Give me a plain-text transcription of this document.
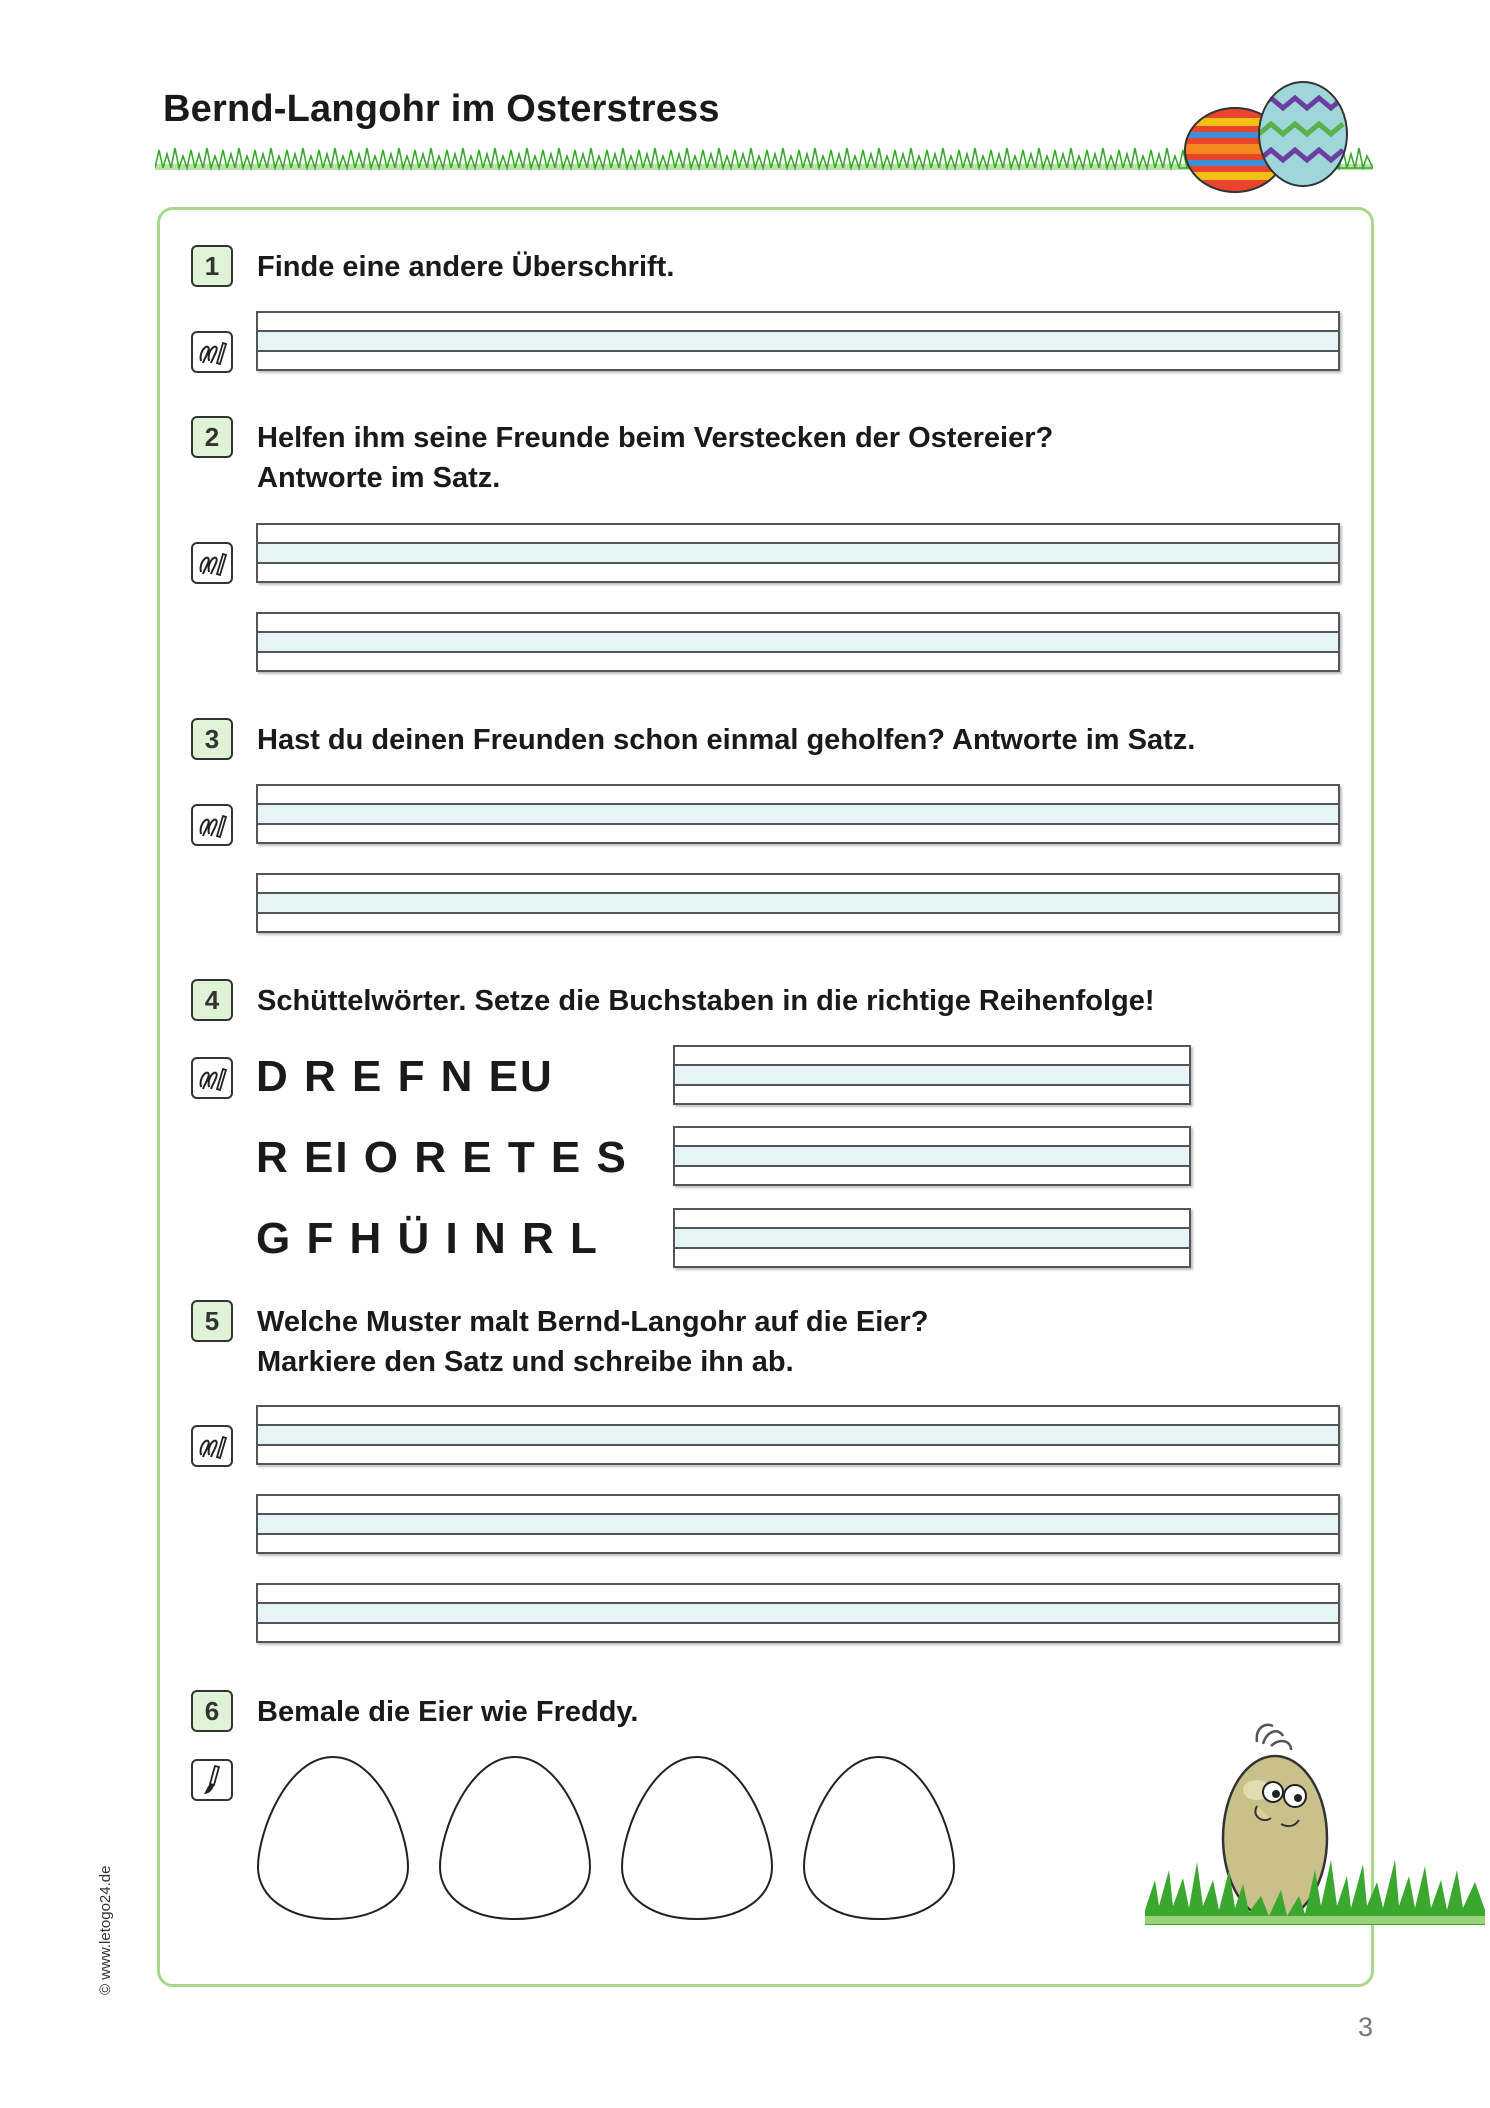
Bernd-Langohr im Osterstress
1	Finde eine andere Überschrift.
2	Helfen ihm seine Freunde beim Verstecken der Ostereier?
Antworte im Satz.
3	Hast du deinen Freunden schon einmal geholfen? Antworte im Satz.
4	Schüttelwörter. Setze die Buchstaben in die richtige Reihenfolge!
D R E F N EU
R EI O R E T E S
G F H Ü I N R L
5	Welche Muster malt Bernd-Langohr auf die Eier?
Markiere den Satz und schreibe ihn ab.
6	Bemale die Eier wie Freddy.
© www.letogo24.de
3
